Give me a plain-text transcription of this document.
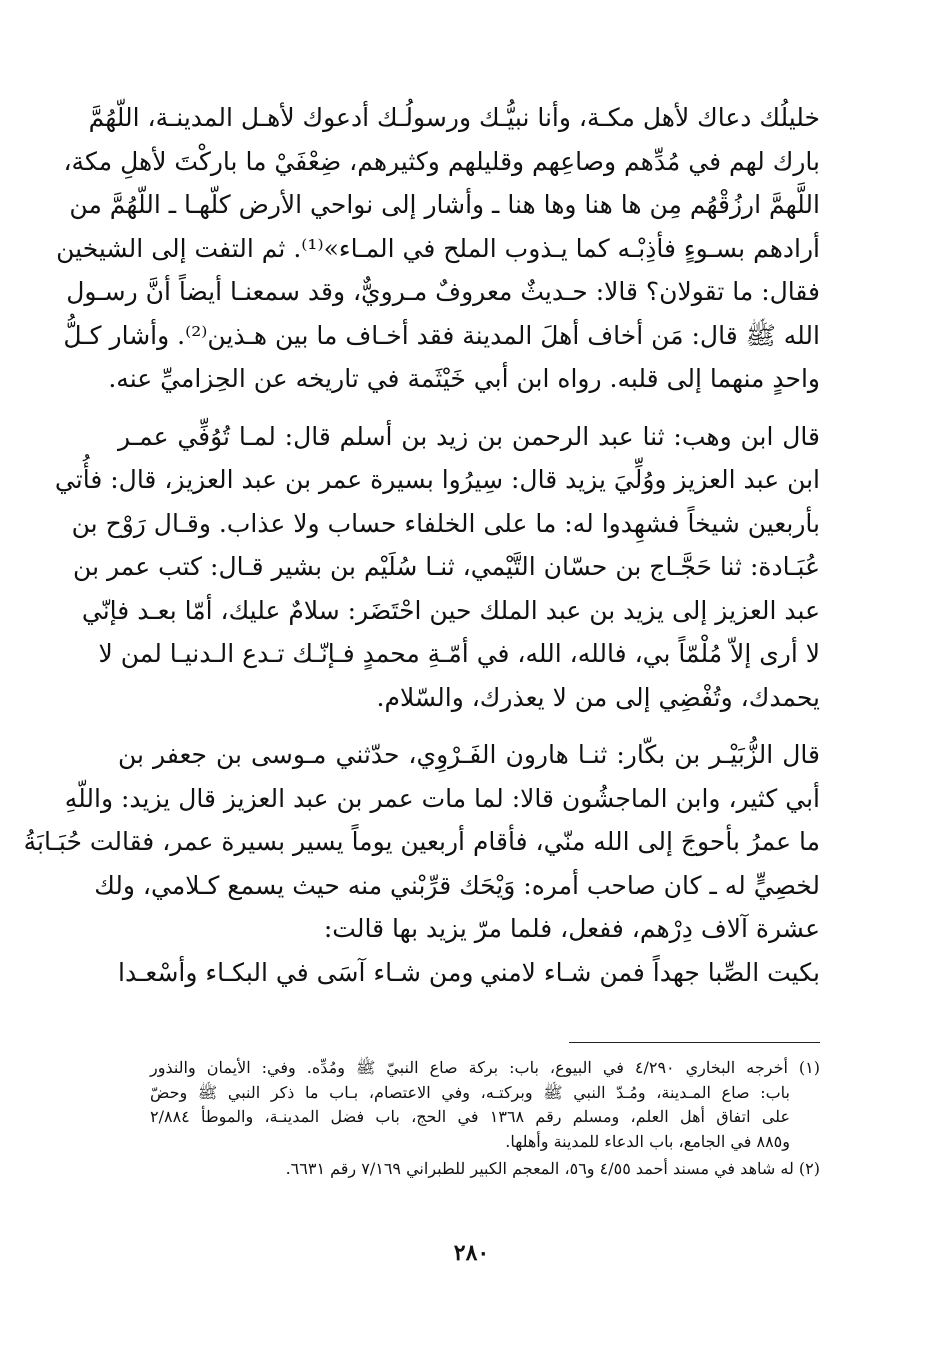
خليلُك دعاك لأهل مكـة، وأنا نبيُّـك ورسولُـك أدعوك لأهـل المدينـة، اللّهُمَّ
بارك لهم في مُدِّهم وصاعِهم وقليلهم وكثيرهم، ضِعْفَيْ ما باركْتَ لأهلِ مكة،
اللَّهمَّ ارزُقْهُم مِن ها هنا وها هنا ـ وأشار إلى نواحي الأرض كلّهـا ـ اللّهُمَّ من
أرادهم بسـوءٍ فأذِبْـه كما يـذوب الملح في المـاء»⁽¹⁾. ثم التفت إلى الشيخين
فقال: ما تقولان؟ قالا: حـديثٌ معروفٌ مـرويٌّ، وقد سمعنـا أيضاً أنَّ رسـول
الله ﷺ قال: مَن أخاف أهلَ المدينة فقد أخـاف ما بين هـذين⁽²⁾. وأشار كـلُّ
واحدٍ منهما إلى قلبه. رواه ابن أبي خَيْثَمة في تاريخه عن الحِزاميِّ عنه.
قال ابن وهب: ثنا عبد الرحمن بن زيد بن أسلم قال: لمـا تُوُفِّي عمـر
ابن عبد العزيز ووُلِّيَ يزيد قال: سِيرُوا بسيرة عمر بن عبد العزيز، قال: فأُتي
بأربعين شيخاً فشهِدوا له: ما على الخلفاء حساب ولا عذاب. وقـال رَوْح بن
عُبَـادة: ثنا حَجَّـاج بن حسّان التَّيْمي، ثنـا سُلَيْم بن بشير قـال: كتب عمر بن
عبد العزيز إلى يزيد بن عبد الملك حين احْتَضَر: سلامٌ عليك، أمّا بعـد فإنّي
لا أرى إلاّ مُلْمّاً بي، فالله، الله، في أمّـةِ محمدٍ فـإنّـك تـدع الـدنيـا لمن لا
يحمدك، وتُفْضِي إلى من لا يعذرك، والسّلام.
قال الزُّبَيْـر بن بكّار: ثنـا هارون الفَـرْوِي، حدّثني مـوسى بن جعفر بن
أبي كثير، وابن الماجشُون قالا: لما مات عمر بن عبد العزيز قال يزيد: واللّهِ
ما عمرُ بأحوجَ إلى الله منّي، فأقام أربعين يوماً يسير بسيرة عمر، فقالت حُبَـابَةُ
لخصِيٍّ له ـ كان صاحب أمره: وَيْحَك قرِّبْني منه حيث يسمع كـلامي، ولك
عشرة آلاف دِرْهم، ففعل، فلما مرّ يزيد بها قالت:
بكيت الصِّبا جهداً فمن شـاء لامني
ومن شـاء آسَى في البكـاء وأسْعـدا
(١) أخرجه البخاري ٤/٢٩٠ في البيوع، باب: بركة صاع النبيّ ﷺ ومُدِّه. وفي: الأيمان والنذور
باب: صاع المـدينة، ومُـدّ النبي ﷺ وبركتـه، وفي الاعتصام، بـاب ما ذكر النبي ﷺ وحضّ
على اتفاق أهل العلم، ومسلم رقم ١٣٦٨ في الحج، باب فضل المدينـة، والموطأ ٢/٨٨٤
و٨٨٥ في الجامع، باب الدعاء للمدينة وأهلها.
(٢) له شاهد في مسند أحمد ٤/٥٥ و٥٦، المعجم الكبير للطبراني ٧/١٦٩ رقم ٦٦٣١.
٢٨٠
